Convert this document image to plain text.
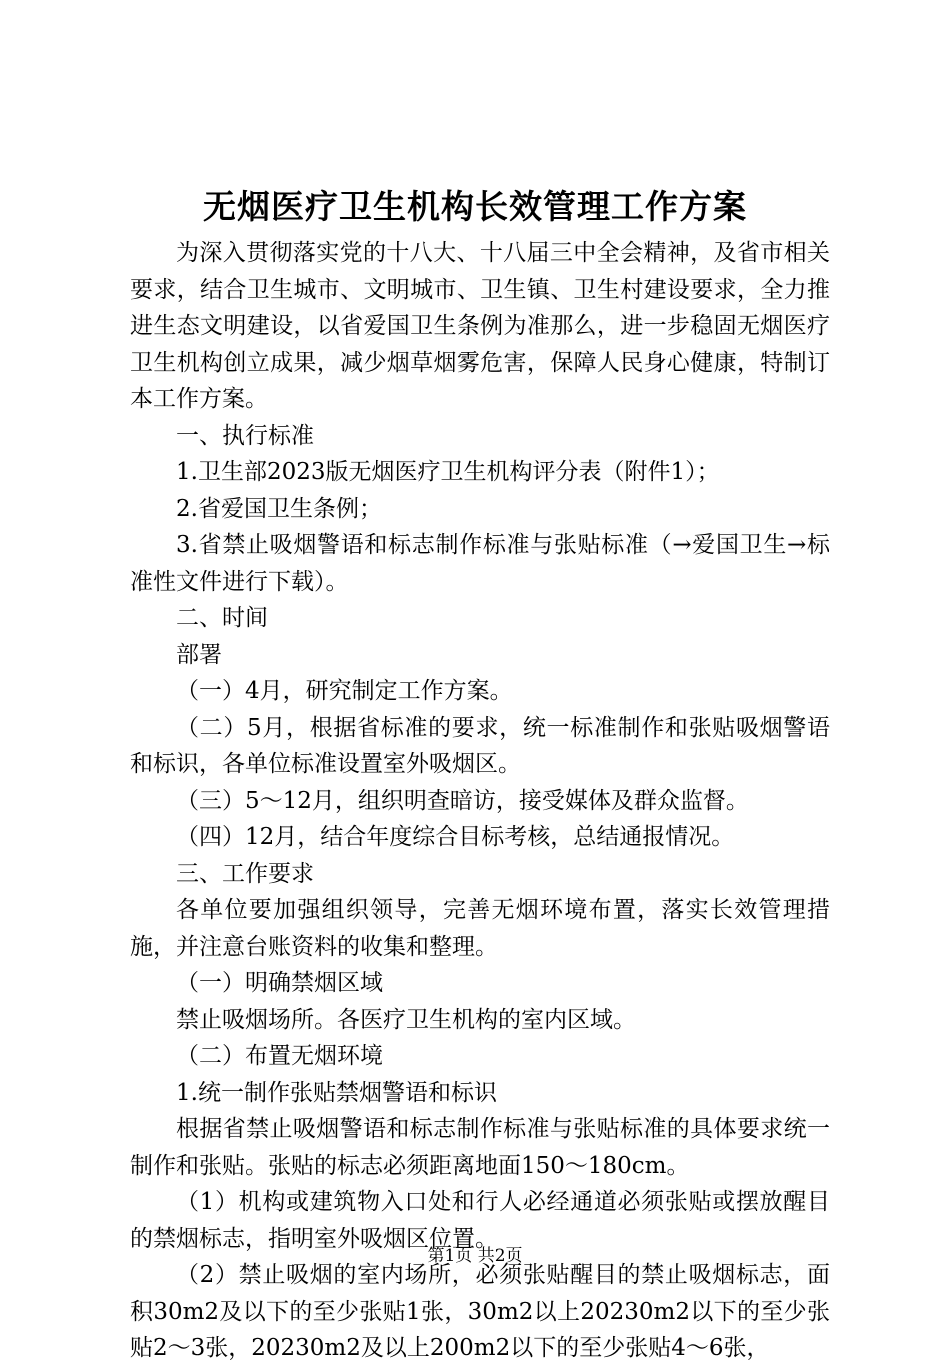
无烟医疗卫生机构长效管理工作方案

为深入贯彻落实党的十八大、十八届三中全会精神，及省市相关要求，结合卫生城市、文明城市、卫生镇、卫生村建设要求，全力推进生态文明建设，以省爱国卫生条例为准那么，进一步稳固无烟医疗卫生机构创立成果，减少烟草烟雾危害，保障人民身心健康，特制订本工作方案。

一、执行标准

1.卫生部2023版无烟医疗卫生机构评分表（附件1）；

2.省爱国卫生条例；

3.省禁止吸烟警语和标志制作标准与张贴标准（→爱国卫生→标准性文件进行下载）。

二、时间

部署

（一）4月，研究制定工作方案。

（二）5月，根据省标准的要求，统一标准制作和张贴吸烟警语和标识，各单位标准设置室外吸烟区。

（三）5～12月，组织明查暗访，接受媒体及群众监督。

（四）12月，结合年度综合目标考核，总结通报情况。

三、工作要求

各单位要加强组织领导，完善无烟环境布置，落实长效管理措施，并注意台账资料的收集和整理。

（一）明确禁烟区域

禁止吸烟场所。各医疗卫生机构的室内区域。

（二）布置无烟环境

1.统一制作张贴禁烟警语和标识

根据省禁止吸烟警语和标志制作标准与张贴标准的具体要求统一制作和张贴。张贴的标志必须距离地面150～180cm。

（1）机构或建筑物入口处和行人必经通道必须张贴或摆放醒目的禁烟标志，指明室外吸烟区位置。

（2）禁止吸烟的室内场所，必须张贴醒目的禁止吸烟标志，面积30m2及以下的至少张贴1张，30m2以上20230m2以下的至少张贴2～3张，20230m2及以上200m2以下的至少张贴4～6张，

第1页 共2页
